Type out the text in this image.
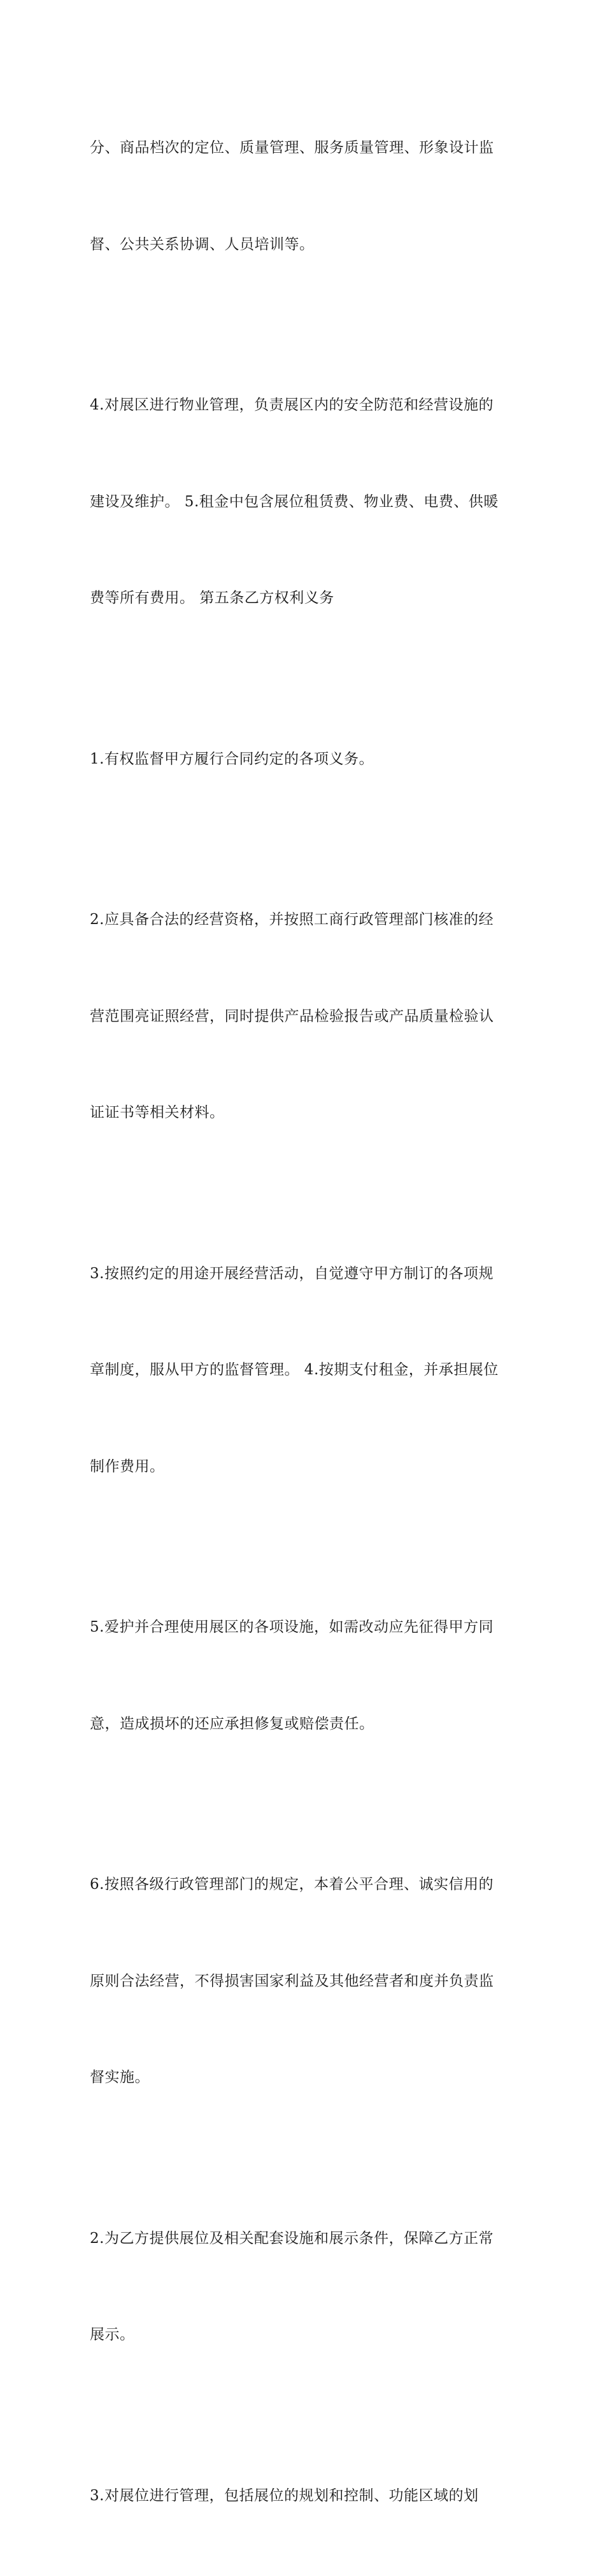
分、商品档次的定位、质量管理、服务质量管理、形象设计监

督、公共关系协调、人员培训等。

4.对展区进行物业管理，负责展区内的安全防范和经营设施的

建设及维护。 5.租金中包含展位租赁费、物业费、电费、供暖

费等所有费用。 第五条乙方权利义务

1.有权监督甲方履行合同约定的各项义务。

2.应具备合法的经营资格，并按照工商行政管理部门核准的经

营范围亮证照经营，同时提供产品检验报告或产品质量检验认

证证书等相关材料。

3.按照约定的用途开展经营活动，自觉遵守甲方制订的各项规

章制度，服从甲方的监督管理。 4.按期支付租金，并承担展位

制作费用。

5.爱护并合理使用展区的各项设施，如需改动应先征得甲方同

意，造成损坏的还应承担修复或赔偿责任。

6.按照各级行政管理部门的规定，本着公平合理、诚实信用的

原则合法经营，不得损害国家利益及其他经营者和度并负责监

督实施。

2.为乙方提供展位及相关配套设施和展示条件，保障乙方正常

展示。

3.对展位进行管理，包括展位的规划和控制、功能区域的划
